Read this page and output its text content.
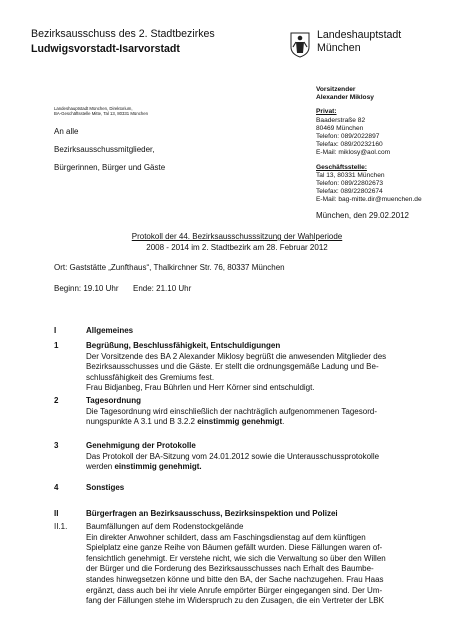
Bezirksausschuss des 2. Stadtbezirkes
Ludwigsvorstadt-Isarvorstadt
Landeshauptstadt
München
Landeshauptstadt München, Direktorium,
BA-Geschäftsstelle Mitte, Tal 13, 80331 München
An alle
Bezirksausschussmitglieder,
Bürgerinnen, Bürger und Gäste
Vorsitzender
Alexander Miklosy
Privat:
Baaderstraße 82
80469 München
Telefon: 089/2022897
Telefax: 089/20232160
E-Mail: miklosy@aol.com
Geschäftsstelle:
Tal 13, 80331 München
Telefon: 089/22802673
Telefax: 089/22802674
E-Mail: bag-mitte.dir@muenchen.de
München, den 29.02.2012
Protokoll der 44. Bezirksausschusssitzung der Wahlperiode
2008 - 2014 im 2. Stadtbezirk am 28. Februar 2012
Ort: Gaststätte „Zunfthaus“, Thalkirchner Str. 76, 80337 München
Beginn: 19.10 Uhr Ende: 21.10 Uhr
I	Allgemeines
1	Begrüßung, Beschlussfähigkeit, Entschuldigungen
Der Vorsitzende des BA 2 Alexander Miklosy begrüßt die anwesenden Mitglieder des
Bezirksausschusses und die Gäste. Er stellt die ordnungsgemäße Ladung und Be-
schlussfähigkeit des Gremiums fest.
Frau Bidjanbeg, Frau Bührlen und Herr Körner sind entschuldigt.
2	Tagesordnung
Die Tagesordnung wird einschließlich der nachträglich aufgenommenen Tagesord-
nungspunkte A 3.1 und B 3.2.2 einstimmig genehmigt.
3	Genehmigung der Protokolle
Das Protokoll der BA-Sitzung vom 24.01.2012 sowie die Unterausschussprotokolle
werden einstimmig genehmigt.
4	Sonstiges
II	Bürgerfragen an Bezirksausschuss, Bezirksinspektion und Polizei
II.1. Baumfällungen auf dem Rodenstockgelände
Ein direkter Anwohner schildert, dass am Faschingsdienstag auf dem künftigen
Spielplatz eine ganze Reihe von Bäumen gefällt wurden. Diese Fällungen waren of-
fensichtlich genehmigt. Er verstehe nicht, wie sich die Verwaltung so über den Willen
der Bürger und die Forderung des Bezirksausschusses nach Erhalt des Baumbe-
standes hinwegsetzen könne und bitte den BA, der Sache nachzugehen. Frau Haas
ergänzt, dass auch bei ihr viele Anrufe empörter Bürger eingegangen sind. Der Um-
fang der Fällungen stehe im Widerspruch zu den Zusagen, die ein Vertreter der LBK
